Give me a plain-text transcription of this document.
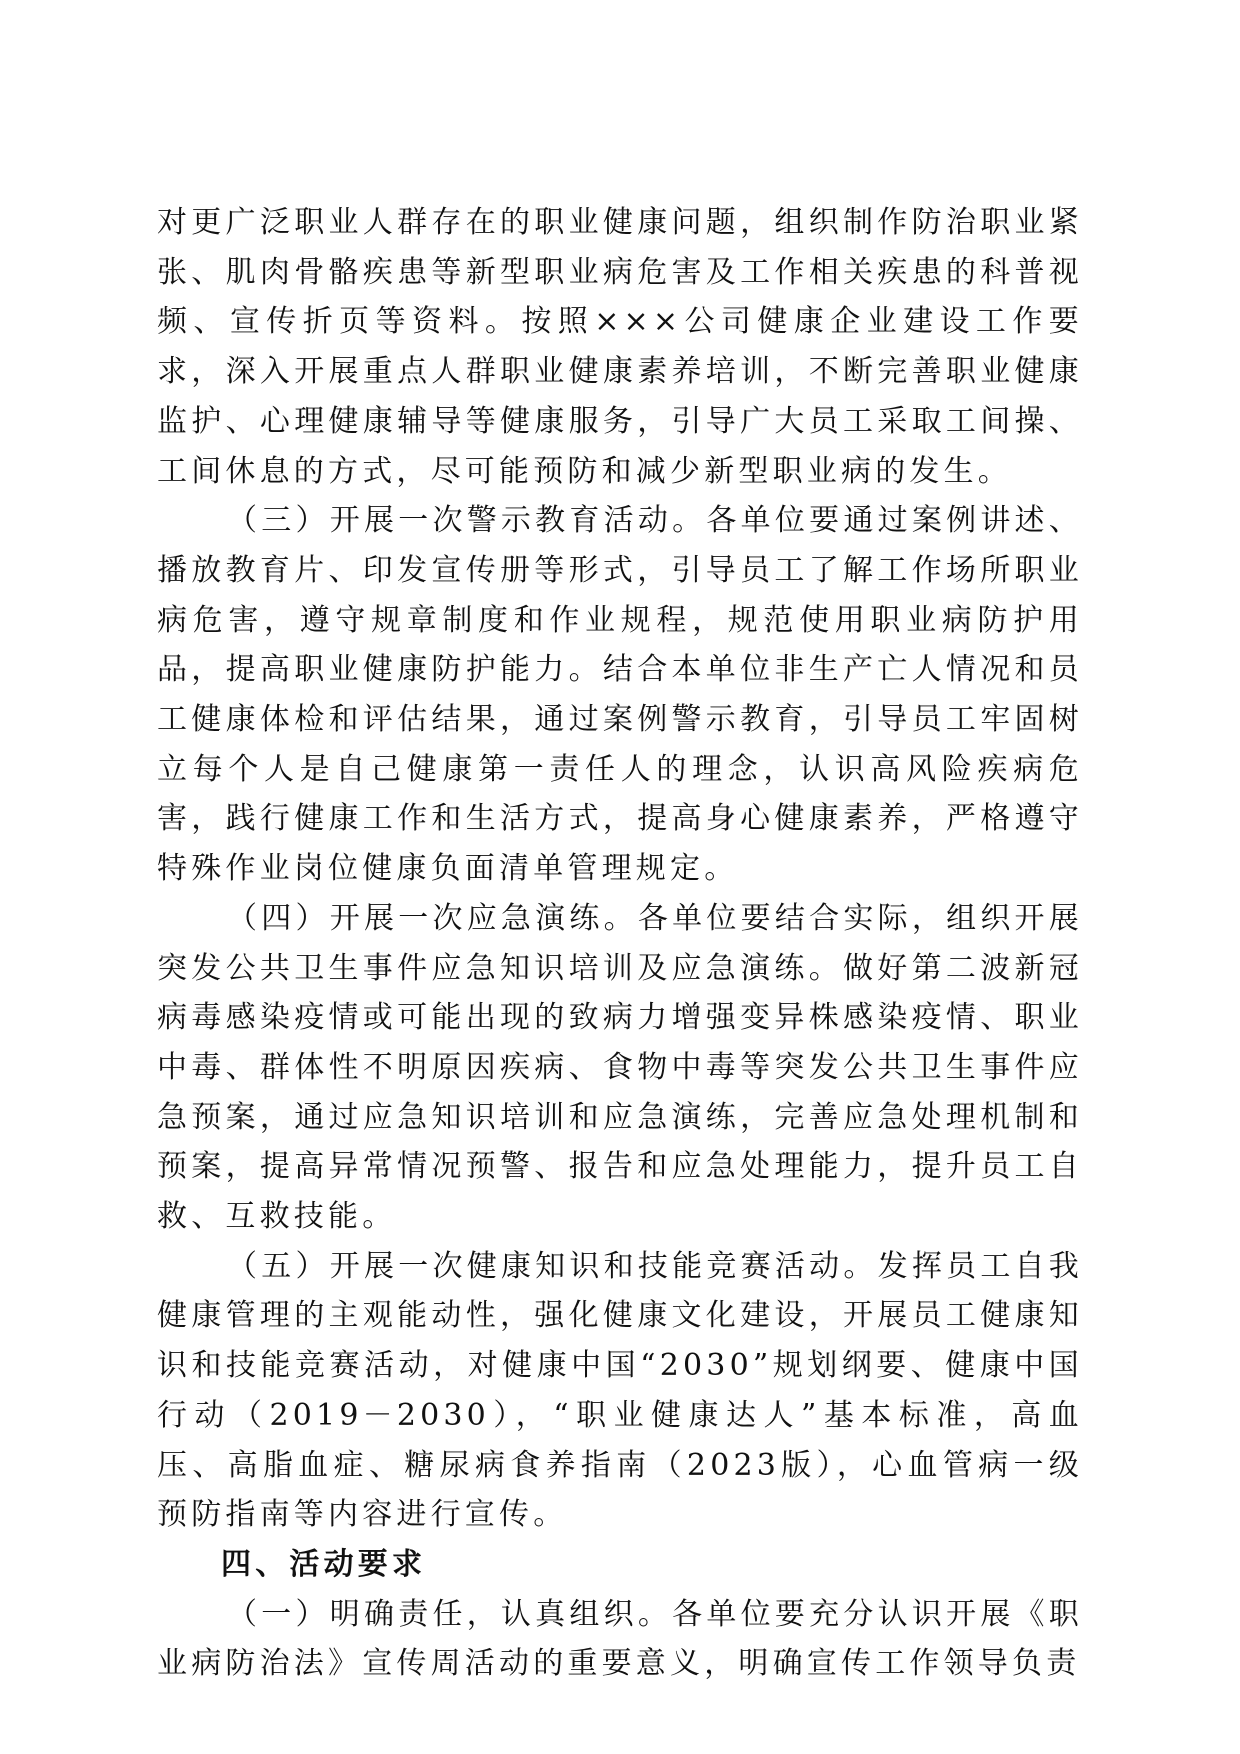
对更广泛职业人群存在的职业健康问题，组织制作防治职业紧张、肌肉骨骼疾患等新型职业病危害及工作相关疾患的科普视频、宣传折页等资料。按照×××公司健康企业建设工作要求，深入开展重点人群职业健康素养培训，不断完善职业健康监护、心理健康辅导等健康服务，引导广大员工采取工间操、工间休息的方式，尽可能预防和减少新型职业病的发生。

（三）开展一次警示教育活动。各单位要通过案例讲述、播放教育片、印发宣传册等形式，引导员工了解工作场所职业病危害，遵守规章制度和作业规程，规范使用职业病防护用品，提高职业健康防护能力。结合本单位非生产亡人情况和员工健康体检和评估结果，通过案例警示教育，引导员工牢固树立每个人是自己健康第一责任人的理念，认识高风险疾病危害，践行健康工作和生活方式，提高身心健康素养，严格遵守特殊作业岗位健康负面清单管理规定。

（四）开展一次应急演练。各单位要结合实际，组织开展突发公共卫生事件应急知识培训及应急演练。做好第二波新冠病毒感染疫情或可能出现的致病力增强变异株感染疫情、职业中毒、群体性不明原因疾病、食物中毒等突发公共卫生事件应急预案，通过应急知识培训和应急演练，完善应急处理机制和预案，提高异常情况预警、报告和应急处理能力，提升员工自救、互救技能。

（五）开展一次健康知识和技能竞赛活动。发挥员工自我健康管理的主观能动性，强化健康文化建设，开展员工健康知识和技能竞赛活动，对健康中国“2030”规划纲要、健康中国行动（2019－2030），“职业健康达人”基本标准，高血压、高脂血症、糖尿病食养指南（2023版），心血管病一级预防指南等内容进行宣传。

四、活动要求

（一）明确责任，认真组织。各单位要充分认识开展《职业病防治法》宣传周活动的重要意义，明确宣传工作领导负责
